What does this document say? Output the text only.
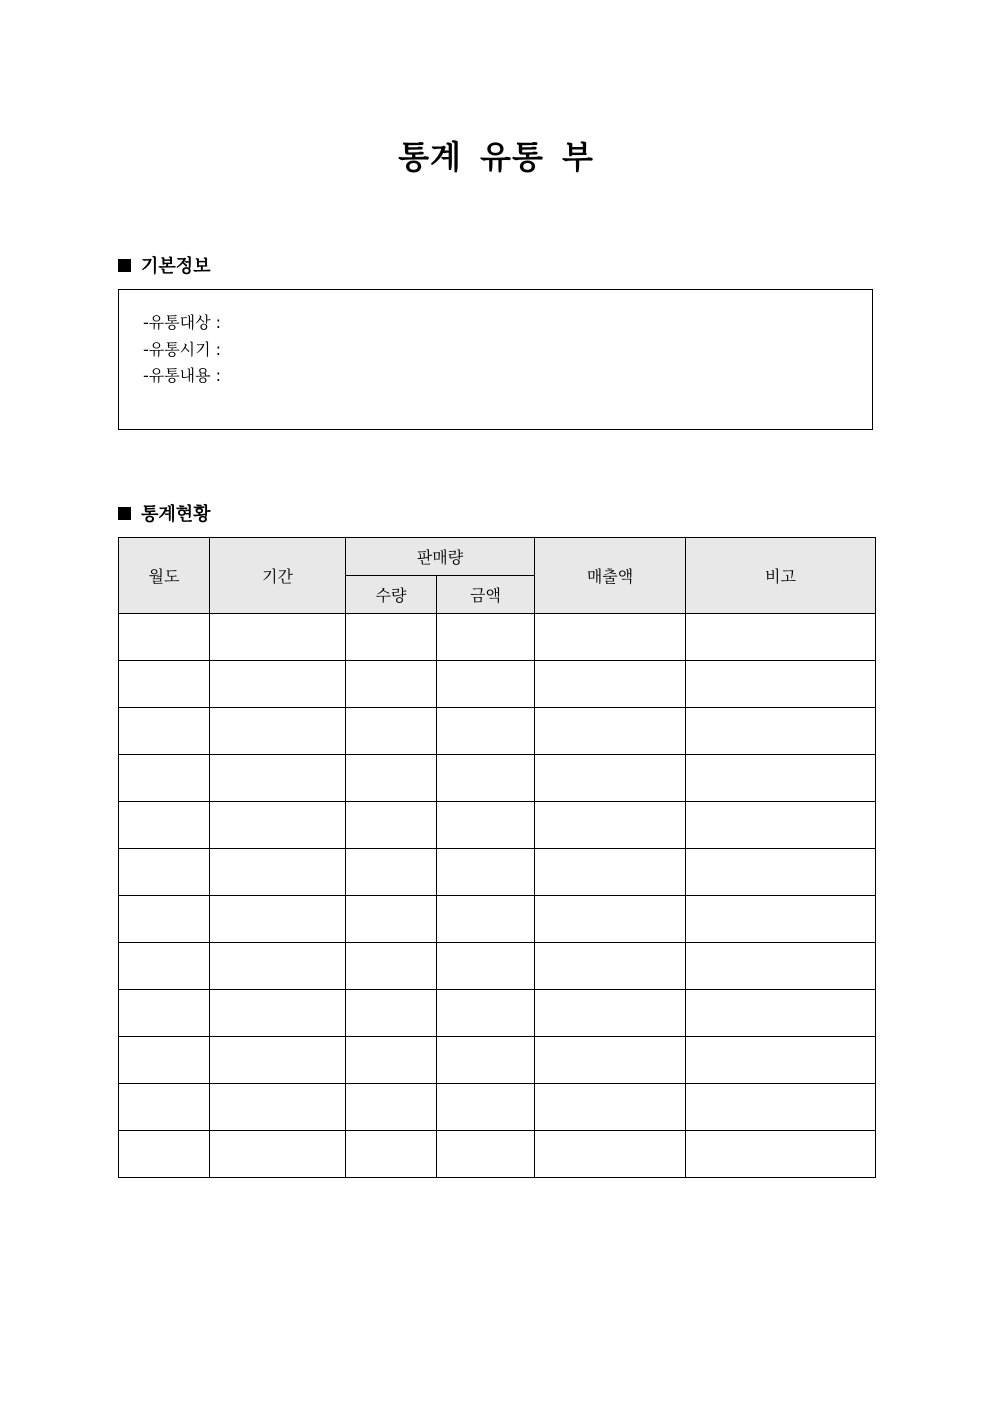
통계 유통 부
기본정보
-유통대상 :
-유통시기 :
-유통내용 :
통계현황
월도	기간	판매량		매출액	비고
		수량	금액		
